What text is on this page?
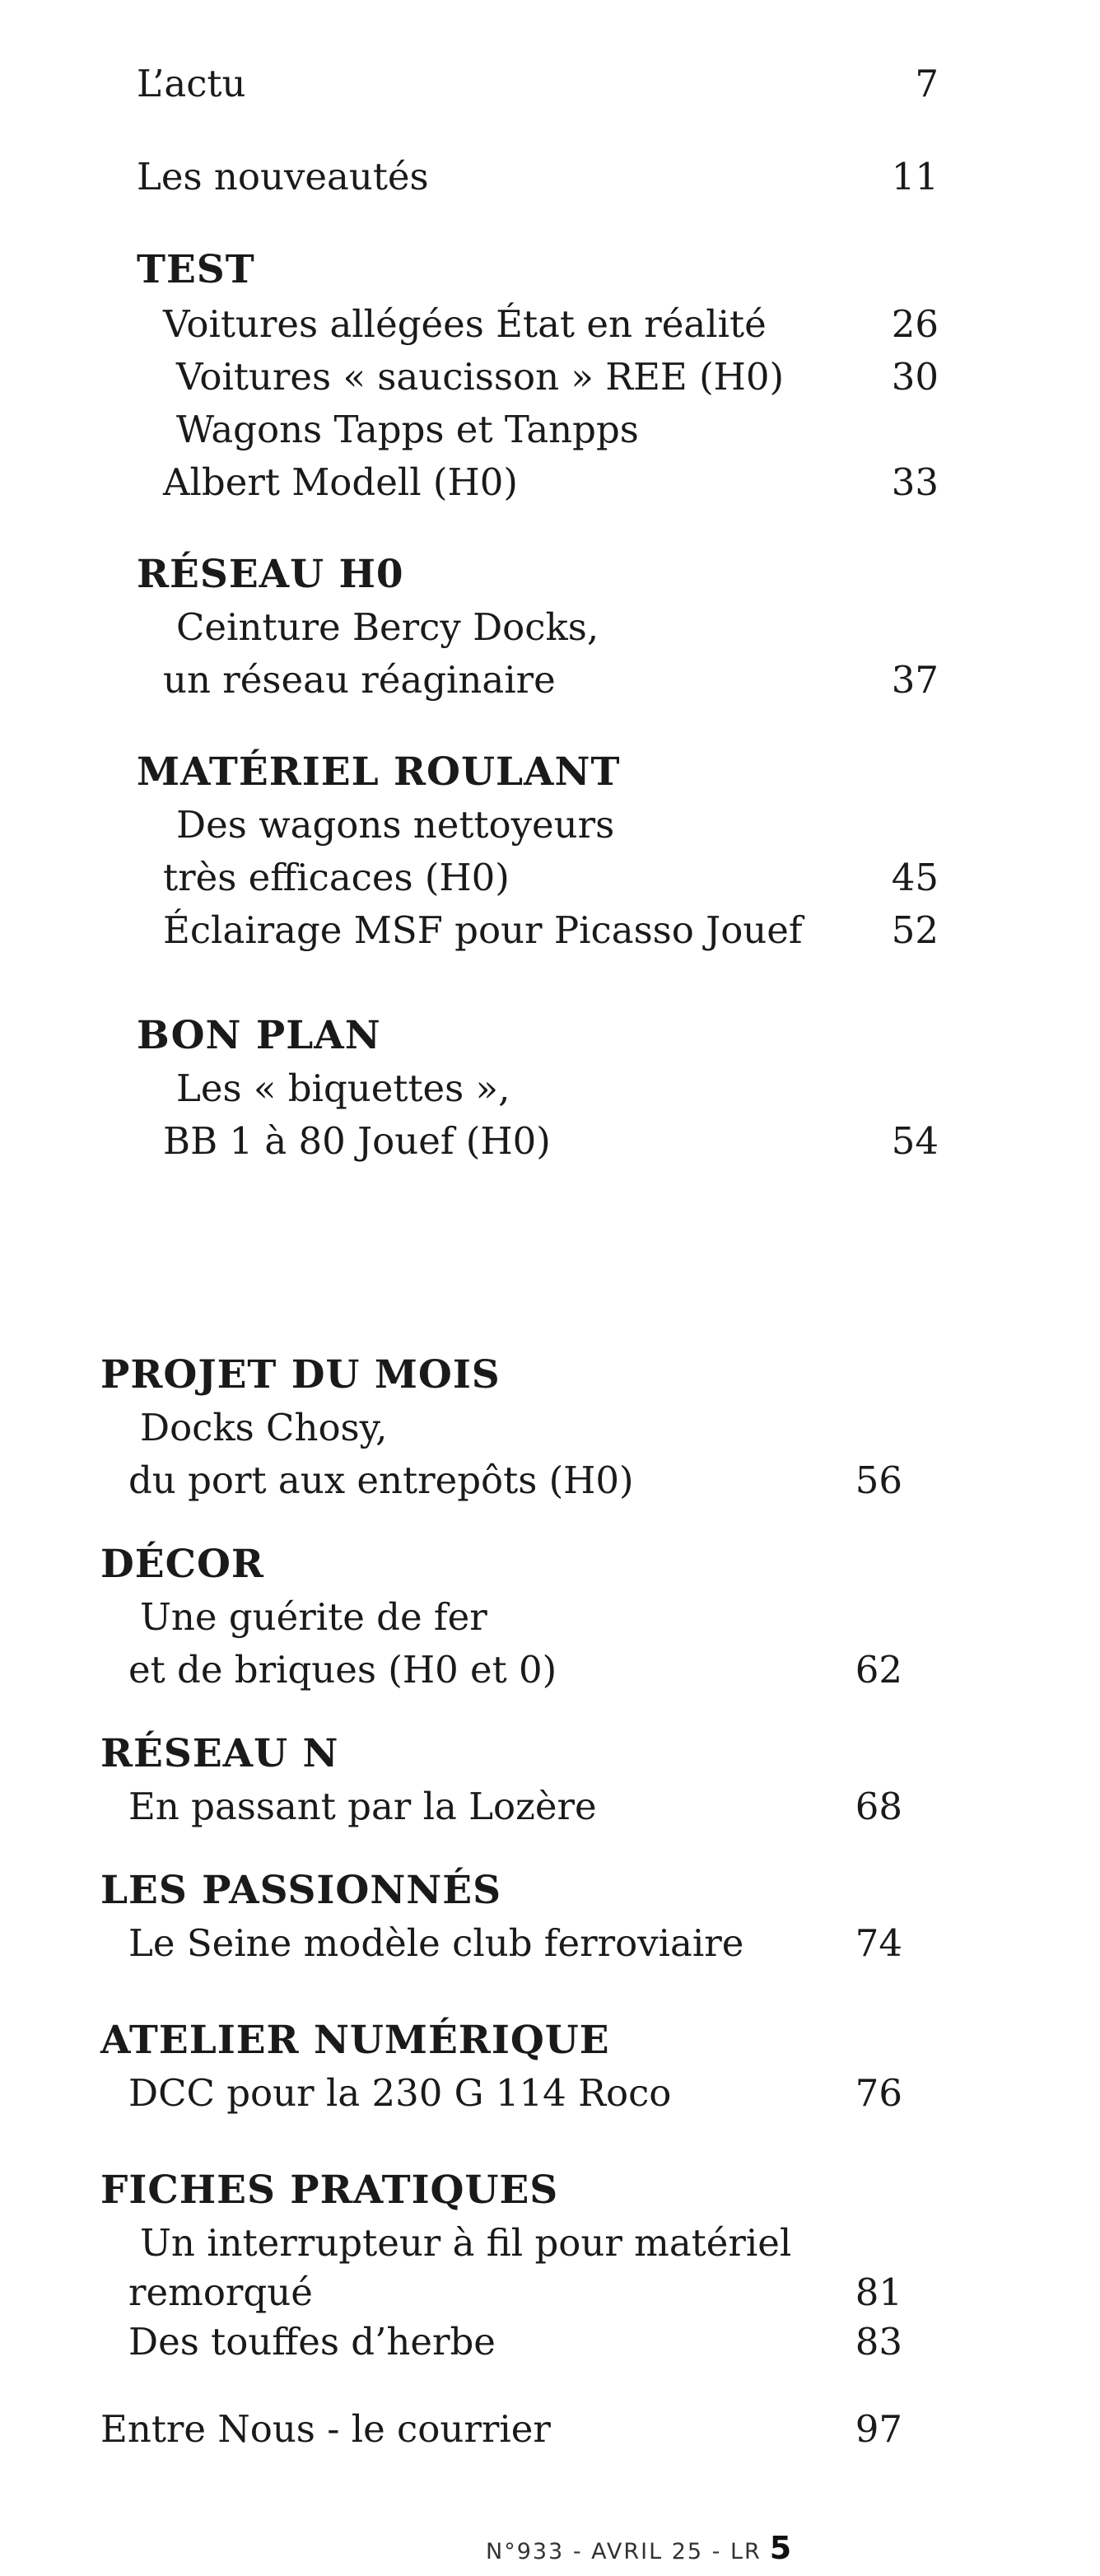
L’actu	7
Les nouveautés	11
TEST
Voitures allégées État en réalité	26
Voitures « saucisson » REE (H0)	30
Wagons Tapps et Tanpps
Albert Modell (H0)	33
RÉSEAU H0
Ceinture Bercy Docks,
un réseau réaginaire	37
MATÉRIEL ROULANT
Des wagons nettoyeurs
très efficaces (H0)	45
Éclairage MSF pour Picasso Jouef	52
BON PLAN
Les « biquettes »,
BB 1 à 80 Jouef (H0)	54
PROJET DU MOIS
Docks Chosy,
du port aux entrepôts (H0)	56
DÉCOR
Une guérite de fer
et de briques (H0 et 0)	62
RÉSEAU N
En passant par la Lozère	68
LES PASSIONNÉS
Le Seine modèle club ferroviaire	74
ATELIER NUMÉRIQUE
DCC pour la 230 G 114 Roco	76
FICHES PRATIQUES
Un interrupteur à fil pour matériel
remorqué	81
Des touffes d’herbe	83
Entre Nous - le courrier	97
N°933 - AVRIL 25 - LR 5
